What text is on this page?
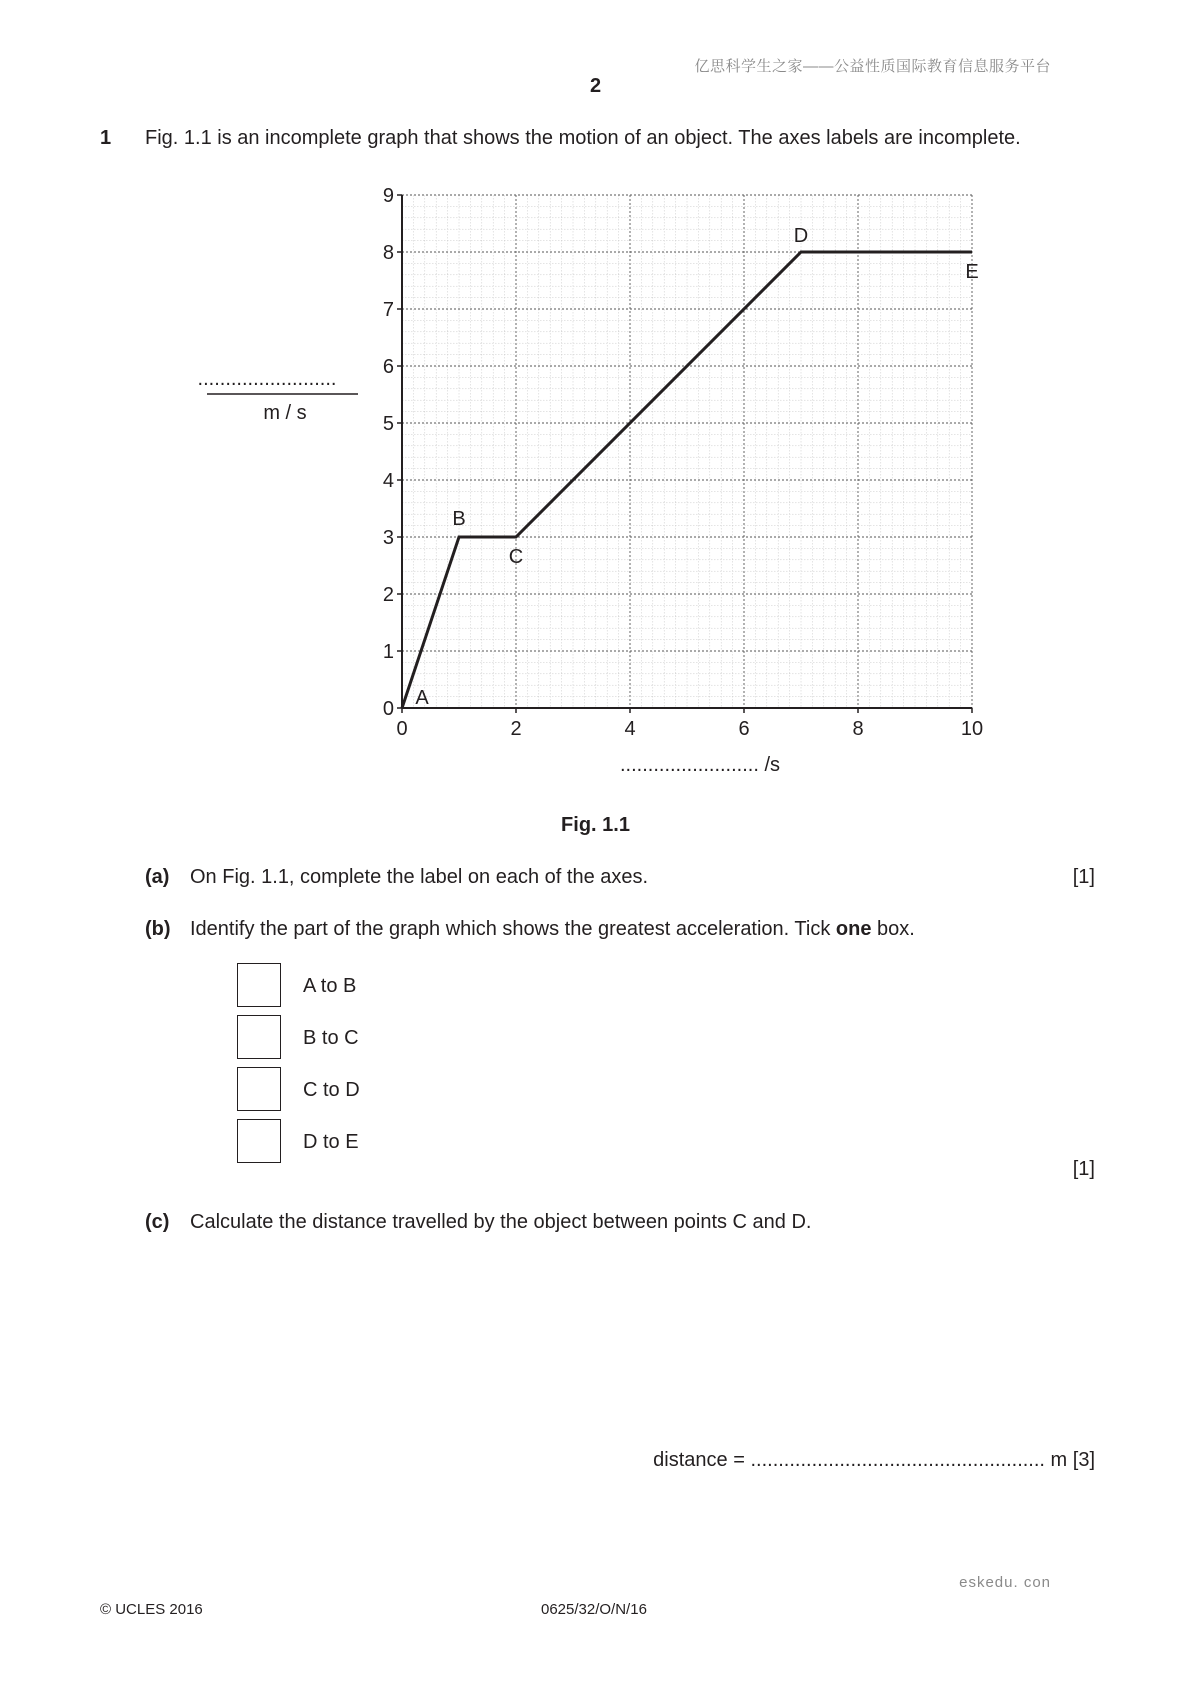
亿思科学生之家——公益性质国际教育信息服务平台
2
1 Fig. 1.1 is an incomplete graph that shows the motion of an object. The axes labels are incomplete.
0	2	4	6	8	10
0
1
2
3
4
5
6
7
8
9
A
B
C
D
E
.........................
m / s
......................... /s
Fig. 1.1
(a) On Fig. 1.1, complete the label on each of the axes.	[1]
(b) Identify the part of the graph which shows the greatest acceleration. Tick one box.
A to B
B to C
C to D
D to E
[1]
(c) Calculate the distance travelled by the object between points C and D.
distance = ..................................................... m [3]
eskedu. con
© UCLES 2016	0625/32/O/N/16
